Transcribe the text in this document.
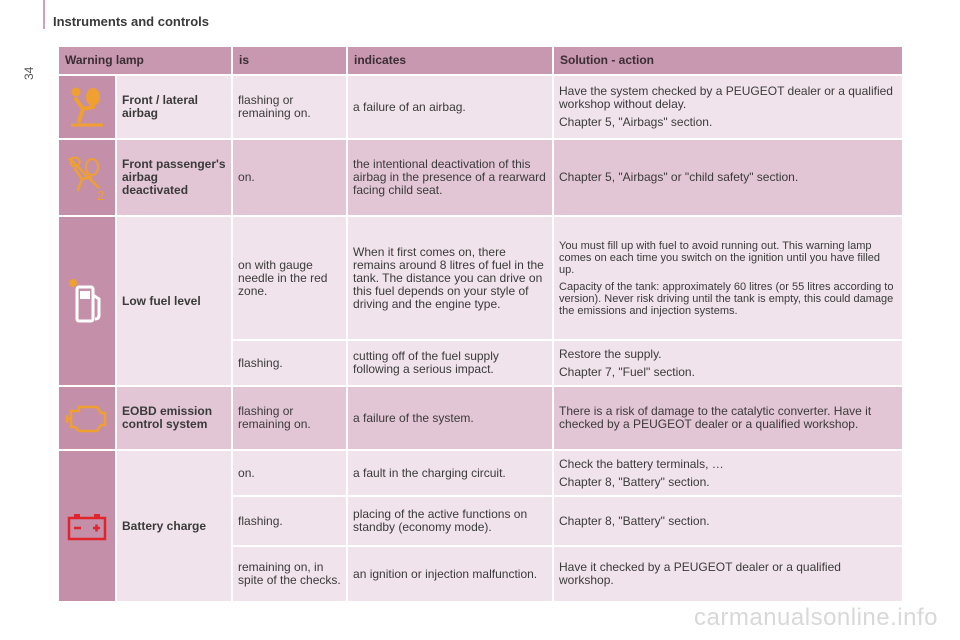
34
Instruments and controls
Warning lamp		is	indicates	Solution - action

	Front / lateral airbag	flashing or remaining on.	a failure of an airbag.	Have the system checked by a PEUGEOT dealer or a qualified workshop without delay.

Chapter 5, "Airbags" section.

2	Front passenger's airbag deactivated	on.	the intentional deactivation of this airbag in the presence of a rearward facing child seat.	Chapter 5, "Airbags" or "child safety" section.

	Low fuel level	on with gauge needle in the red zone.	When it first comes on, there remains around 8 litres of fuel in the tank. The distance you can drive on this fuel depends on your style of driving and the engine type.	You must fill up with fuel to avoid running out. This warning lamp comes on each time you switch on the ignition until you have filled up.

Capacity of the tank: approximately 60 litres (or 55 litres according to version). Never risk driving until the tank is empty, this could damage the emissions and injection systems.

		flashing.	cutting off of the fuel supply following a serious impact.	Restore the supply.

Chapter 7, "Fuel" section.

	EOBD emission control system	flashing or remaining on.	a failure of the system.	There is a risk of damage to the catalytic converter. Have it checked by a PEUGEOT dealer or a qualified workshop.

	Battery charge	on.	a fault in the charging circuit.	Check the battery terminals, …

Chapter 8, "Battery" section.

		flashing.	placing of the active functions on standby (economy mode).	Chapter 8, "Battery" section.

		remaining on, in spite of the checks.	an ignition or injection malfunction.	Have it checked by a PEUGEOT dealer or a qualified workshop.

carmanualsonline.info
